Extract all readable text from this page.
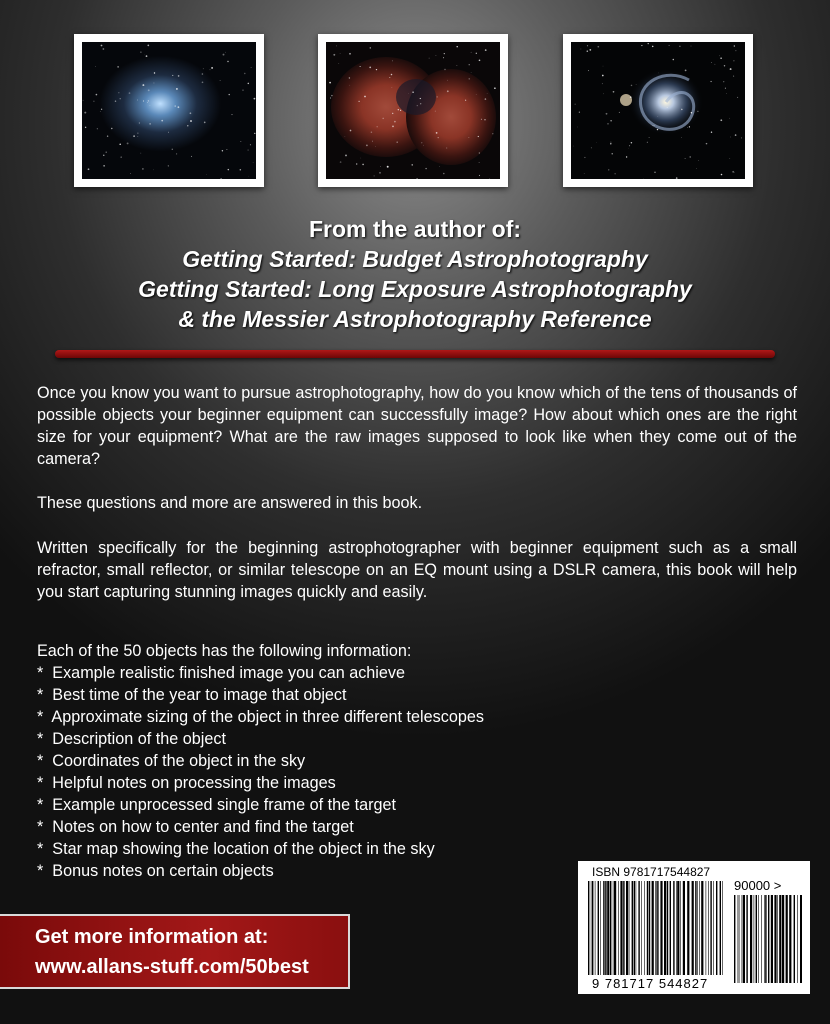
From the author of:
Getting Started: Budget Astrophotography
Getting Started: Long Exposure Astrophotography
& the Messier Astrophotography Reference

Once you know you want to pursue astrophotography, how do you know which of the tens of thousands of possible objects your beginner equipment can successfully image? How about which ones are the right size for your equipment? What are the raw images supposed to look like when they come out of the camera?

These questions and more are answered in this book.

Written specifically for the beginning astrophotographer with beginner equipment such as a small refractor, small reflector, or similar telescope on an EQ mount using a DSLR camera, this book will help you start capturing stunning images quickly and easily.

Each of the 50 objects has the following information:
*  Example realistic finished image you can achieve
*  Best time of the year to image that object
*  Approximate sizing of the object in three different telescopes
*  Description of the object
*  Coordinates of the object in the sky
*  Helpful notes on processing the images
*  Example unprocessed single frame of the target
*  Notes on how to center and find the target
*  Star map showing the location of the object in the sky
*  Bonus notes on certain objects	ISBN 9781717544827
90000 >
9 781717 544827
Get more information at:
www.allans-stuff.com/50best
